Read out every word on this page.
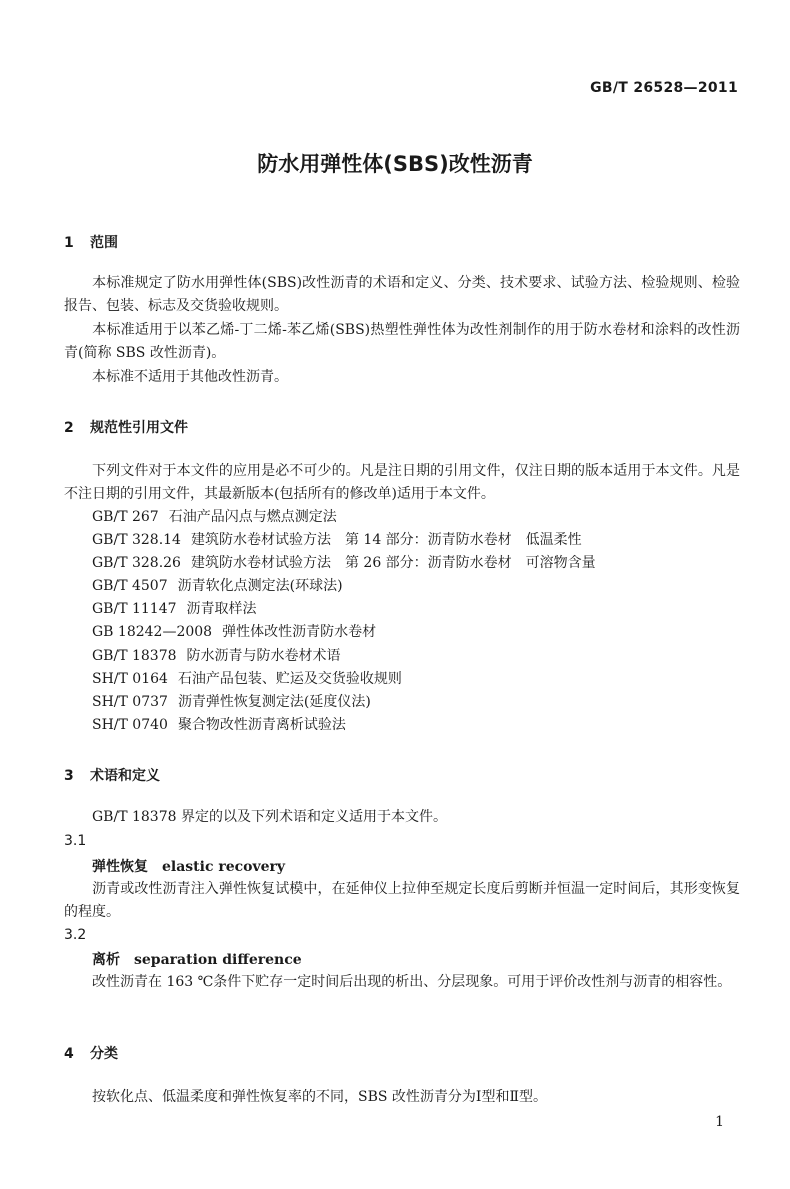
GB/T 26528—2011
防水用弹性体(SBS)改性沥青
1 范围
本标准规定了防水用弹性体(SBS)改性沥青的术语和定义、分类、技术要求、试验方法、检验规则、检验报告、包装、标志及交货验收规则。
本标准适用于以苯乙烯-丁二烯-苯乙烯(SBS)热塑性弹性体为改性剂制作的用于防水卷材和涂料的改性沥青(简称 SBS 改性沥青)。
本标准不适用于其他改性沥青。
2 规范性引用文件
下列文件对于本文件的应用是必不可少的。凡是注日期的引用文件，仅注日期的版本适用于本文件。凡是不注日期的引用文件，其最新版本(包括所有的修改单)适用于本文件。
GB/T 267 石油产品闪点与燃点测定法
GB/T 328.14 建筑防水卷材试验方法　第 14 部分：沥青防水卷材　低温柔性
GB/T 328.26 建筑防水卷材试验方法　第 26 部分：沥青防水卷材　可溶物含量
GB/T 4507 沥青软化点测定法(环球法)
GB/T 11147 沥青取样法
GB 18242—2008 弹性体改性沥青防水卷材
GB/T 18378 防水沥青与防水卷材术语
SH/T 0164 石油产品包装、贮运及交货验收规则
SH/T 0737 沥青弹性恢复测定法(延度仪法)
SH/T 0740 聚合物改性沥青离析试验法
3 术语和定义
GB/T 18378 界定的以及下列术语和定义适用于本文件。
3.1
弹性恢复 elastic recovery
沥青或改性沥青注入弹性恢复试模中，在延伸仪上拉伸至规定长度后剪断并恒温一定时间后，其形变恢复的程度。
3.2
离析 separation difference
改性沥青在 163 ℃条件下贮存一定时间后出现的析出、分层现象。可用于评价改性剂与沥青的相容性。
4 分类
按软化点、低温柔度和弹性恢复率的不同，SBS 改性沥青分为Ⅰ型和Ⅱ型。
1
